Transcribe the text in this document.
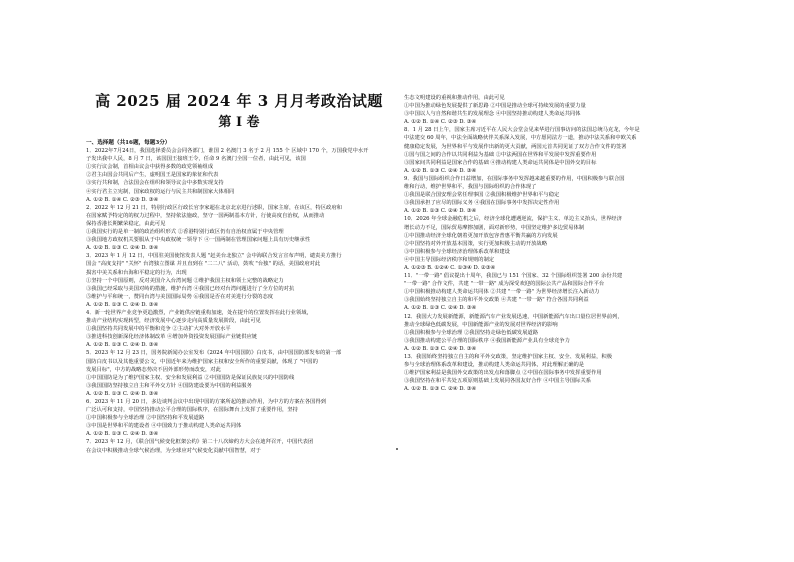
高 2025 届 2024 年 3 月月考政治试题
第 I 卷
一、选择题（共16题，每题3分）
1．2022年7月24日，我国选择委员会会同各部门，谁国 2 名澳门 3 名于 2 月 155 个 区域中 170 个，万国我党中水开
子发出我中人民，8 月 7 日，该国国王接班王令，任命 9 名澳门全国一位者，由此可见，该国
①实行议会制，首相由议会中获得多数的政党领袖组成
②君主由国会共同后产生，虚明国王是国家的象征和代表
③实行共和制，合法国会在组织和领导议会中多数实现支持
④实行君主立宪制，国家政权的运行与民主共和制国家大体相同
A. ①② B. ①④ C. ②③ D. ③④
2．2022 年 12 月 21 日，特别行政区行政长官李家超在北京北京进行述职，国家主席，在该区，特区政府和
在国家赋予特定的的权力过程中，坚持依法施政，坚守一国两制基本方针，行使高度自治权，从而推动
保持香港长期繁荣稳定，由此可见
①我国实行的是单一制的政治组织形式 ②香港特别行政区仍有自治权直属于中央管理
③我国地方政权机关要服从于中央政权统一领导下 ④一国两制在管理国家问题上具有历史继承性
A. ①② B. ①③ C. ②④ D. ③④
3．2023 年 1 月 12 日，中国驻美国使馆发表人题 "赶美台北独立" 会中海联合发言宣布声明，谴责美方推行
国会 "高度支持" "关怀" 台湾独立图谋 并且直到在 "二二八" 活动，鼓吹 "台独" 的话，美国政府对此
损害中美关系和台海和平稳定的行为，出现
①坚持一个中国原则，反对美国介入台湾问题 ②维护我国主权和领土完整的战略定力
③我国已经采取与美国对峙的措施，维护台湾 ④我国已经对台湾问题进行了全方位的对抗
⑤维护与平和统一，赞同台湾与美国国际局势 ⑥我国是否在对美进行分裂的态度
A. ①② B. ①③ C. ②④ D. ③④
4．新一轮世界产业竞争更趋激烈，产业链供应链重构加速，处在提升的位置发挥在此行业领域，
推动产业结构实现转型，经济发展中心逐步走向高质量发展阶段，由此可见
①我国坚持共同发展中的平衡和竞争 ②主动扩大对外开放水平
③推进科技创新深化经济体制改革 ④增加外资投资发展国际产业链供应链
A. ①② B. ①③ C. ②④ D. ③④
5．2023 年 12 月 23 日，国务院新闻办公室发布《2024 年中国国防》白皮书，由中国国防部发布的第一部
国防白皮书以及其他重要公文，中国近年来为维护国家主权和安全所作的重要贡献，体现了 "中国的
发展目标"，中方的战略态势决不因外部形势而改变，对此
①中国国防是为了维护国家主权、安全和发展利益 ②中国国防是保证民族复兴的中国防线
③我国国防坚持独立自主和平外交方针 ④国防建设要为中国的利益服务
A. ①② B. ①③ C. ②④ D. ③④
6．2023 年 11 月 20 日，多边谈判会议中出现中国的方案所起的推动作用，为中方的方案在各国得到
广泛认可和支持，中国坚持推动公平合理的国际秩序，在国际舞台上发挥了重要作用，坚持
①中国积极参与全球治理 ②中国坚持和平发展道路
③中国是世界和平的建设者 ④中国致力于推动构建人类命运共同体
A. ①② B. ①③ C. ②④ D. ③④
7．2023 年 12 月，《联合国气候变化框架公约》第二十八次缔约方大会在迪拜召开，中国代表团
在会议中积极推动全球气候治理，为全球应对气候变化贡献中国智慧，对于
生态文明建设的重视和推动作用，由此可见
①中国为推动绿色发展提供了新思路 ②中国是推动全球可持续发展的重要力量
③中国以人与自然和谐共生的发展理念 ④中国坚持推动构建人类命运共同体
A. ①② B. ①④ C. ②③ D. ③④
8．1 月 28 日上午，国家主席习近平在人民大会堂会见来华进行国事访问的法国总统马克龙，今年是
中法建交 60 周年，中法全面战略伙伴关系深入发展，中方愿同法方一道，推动中法关系和中欧关系
健康稳定发展，为世界和平与发展作出新的更大贡献，两国元首共同见证了双方合作文件的签署
①国与国之间的合作以共同利益为基础 ②中法两国在世界和平发展中发挥重要作用
③国家间共同利益是国家合作的基础 ④推动构建人类命运共同体是中国外交的目标
A. ①② B. ①③ C. ②④ D. ③④
9．我国与国际组织合作日益增加，在国际事务中发挥越来越重要的作用，中国积极参与联合国
维和行动，维护世界和平，我国与国际组织的合作体现了
①我国是联合国安理会常任理事国 ②我国积极维护世界和平与稳定
③我国承担了应尽的国际义务 ④我国在国际事务中发挥决定性作用
A. ①② B. ①③ C. ②④ D. ③④
10．2026 年全球金融危机之后，经济全球化遭遇逆流，保护主义、单边主义抬头，世界经济
增长动力不足，国际贸易摩擦加剧，面对新形势，中国坚定维护多边贸易体制
①中国推动经济全球化朝着更加开放包容普惠平衡共赢的方向发展
②中国坚持对外开放基本国策，实行更加积极主动的开放战略
③中国积极参与全球经济治理体系改革和建设
④中国主导国际经济秩序和规则的制定
A. ①②③ B. ①②④ C. ①③④ D. ②③④
11．"一带一路" 倡议提出十周年，我国已与 151 个国家、32 个国际组织签署 200 余份共建
"一带一路" 合作文件，共建 "一带一路" 成为深受欢迎的国际公共产品和国际合作平台
①中国积极推动构建人类命运共同体 ②共建 "一带一路" 为世界经济增长注入新动力
③我国始终坚持独立自主的和平外交政策 ④共建 "一带一路" 符合各国共同利益
A. ①② B. ①③ C. ②④ D. ③④
12．我国大力发展新能源，新能源汽车产业发展迅速，中国新能源汽车出口量位居世界前列，
推动全球绿色低碳发展，中国新能源产业的发展对世界经济的影响
①我国积极参与全球治理 ②我国坚持走绿色低碳发展道路
③我国推动构建公平合理的国际秩序 ④我国新能源产业具有全球竞争力
A. ①② B. ①③ C. ②④ D. ③④
13．我国始终坚持独立自主的和平外交政策，坚定维护国家主权、安全、发展利益，积极
参与全球治理体系改革和建设，推动构建人类命运共同体，对此理解正确的是
①维护国家利益是我国外交政策的出发点和落脚点 ②中国在国际事务中发挥重要作用
③我国坚持在和平共处五项原则基础上发展同各国友好合作 ④中国主导国际关系
A. ①② B. ①③ C. ②④ D. ③④
